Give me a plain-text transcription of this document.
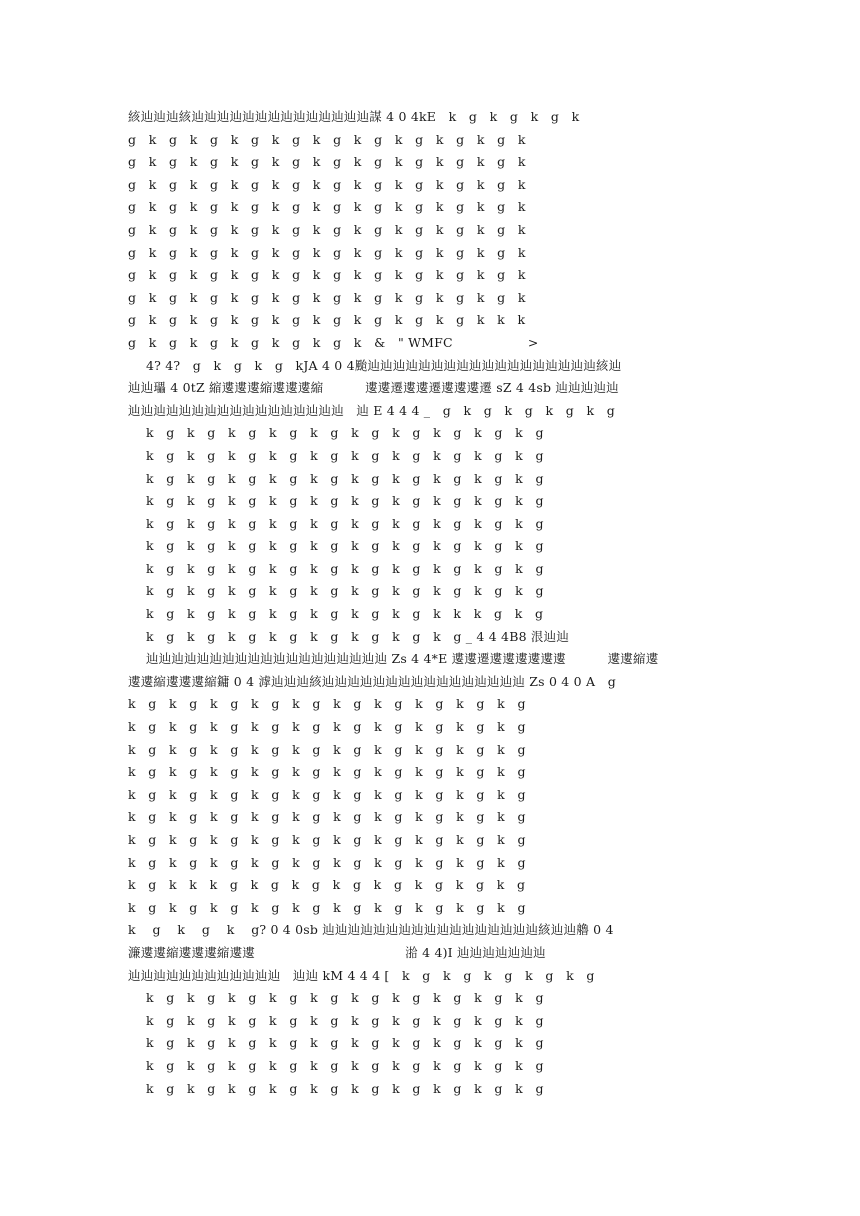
絯辿辿辿絯辿辿辿辿辿辿辿辿辿辿辿辿辿辿謀 4 0 4kE   k   g   k   g   k   g   k
g   k   g   k   g   k   g   k   g   k   g   k   g   k   g   k   g   k   g   k
g   k   g   k   g   k   g   k   g   k   g   k   g   k   g   k   g   k   g   k
g   k   g   k   g   k   g   k   g   k   g   k   g   k   g   k   g   k   g   k
g   k   g   k   g   k   g   k   g   k   g   k   g   k   g   k   g   k   g   k
g   k   g   k   g   k   g   k   g   k   g   k   g   k   g   k   g   k   g   k
g   k   g   k   g   k   g   k   g   k   g   k   g   k   g   k   g   k   g   k
g   k   g   k   g   k   g   k   g   k   g   k   g   k   g   k   g   k   g   k
g   k   g   k   g   k   g   k   g   k   g   k   g   k   g   k   g   k   g   k
g   k   g   k   g   k   g   k   g   k   g   k   g   k   g   k   g   k   k   k
g   k   g   k   g   k   g   k   g   k   g   k   &   " WMFC                  >
4? 4?   g   k   g   k   g   kJA 4 0 4颱辿辿辿辿辿辿辿辿辿辿辿辿辿辿辿辿辿辿絯辿
辿辿瓃 4 0tZ 縮遱遱遱縮遱遱遱縮          遱遱遷遱遱遷遱遱遱遷 sZ 4 4sb 辿辿辿辿辿
辿辿辿辿辿辿辿辿辿辿辿辿辿辿辿辿辿   辿 E 4 4 4 _   g   k   g   k   g   k   g   k   g
k   g   k   g   k   g   k   g   k   g   k   g   k   g   k   g   k   g   k   g
k   g   k   g   k   g   k   g   k   g   k   g   k   g   k   g   k   g   k   g
k   g   k   g   k   g   k   g   k   g   k   g   k   g   k   g   k   g   k   g
k   g   k   g   k   g   k   g   k   g   k   g   k   g   k   g   k   g   k   g
k   g   k   g   k   g   k   g   k   g   k   g   k   g   k   g   k   g   k   g
k   g   k   g   k   g   k   g   k   g   k   g   k   g   k   g   k   g   k   g
k   g   k   g   k   g   k   g   k   g   k   g   k   g   k   g   k   g   k   g
k   g   k   g   k   g   k   g   k   g   k   g   k   g   k   g   k   g   k   g
k   g   k   g   k   g   k   g   k   g   k   g   k   g   k   k   k   g   k   g
k   g   k   g   k   g   k   g   k   g   k   g   k   g   k   g _ 4 4 4B8 泿辿辿
辿辿辿辿辿辿辿辿辿辿辿辿辿辿辿辿辿辿辿 Zs 4 4*E 遱遱遷遱遱遱遱遱遱          遱遱縮遱
遱遱縮遱遱遱縮鏞 0 4 滹辿辿辿絯辿辿辿辿辿辿辿辿辿辿辿辿辿辿辿辿 Zs 0 4 0 A   g
k   g   k   g   k   g   k   g   k   g   k   g   k   g   k   g   k   g   k   g
k   g   k   g   k   g   k   g   k   g   k   g   k   g   k   g   k   g   k   g
k   g   k   g   k   g   k   g   k   g   k   g   k   g   k   g   k   g   k   g
k   g   k   g   k   g   k   g   k   g   k   g   k   g   k   g   k   g   k   g
k   g   k   g   k   g   k   g   k   g   k   g   k   g   k   g   k   g   k   g
k   g   k   g   k   g   k   g   k   g   k   g   k   g   k   g   k   g   k   g
k   g   k   g   k   g   k   g   k   g   k   g   k   g   k   g   k   g   k   g
k   g   k   g   k   g   k   g   k   g   k   g   k   g   k   g   k   g   k   g
k   g   k   k   k   g   k   g   k   g   k   g   k   g   k   g   k   g   k   g
k   g   k   g   k   g   k   g   k   g   k   g   k   g   k   g   k   g   k   g
k    g    k    g    k    g? 0 4 0sb 辿辿辿辿辿辿辿辿辿辿辿辿辿辿辿辿辿絯辿辿艪 0 4
濂遱遱縮遱遱遱縮遱遱                                    湁 4 4)I 辿辿辿辿辿辿辿
辿辿辿辿辿辿辿辿辿辿辿辿   辿辿 kM 4 4 4 [   k   g   k   g   k   g   k   g   k   g
k   g   k   g   k   g   k   g   k   g   k   g   k   g   k   g   k   g   k   g
k   g   k   g   k   g   k   g   k   g   k   g   k   g   k   g   k   g   k   g
k   g   k   g   k   g   k   g   k   g   k   g   k   g   k   g   k   g   k   g
k   g   k   g   k   g   k   g   k   g   k   g   k   g   k   g   k   g   k   g
k   g   k   g   k   g   k   g   k   g   k   g   k   g   k   g   k   g   k   g
